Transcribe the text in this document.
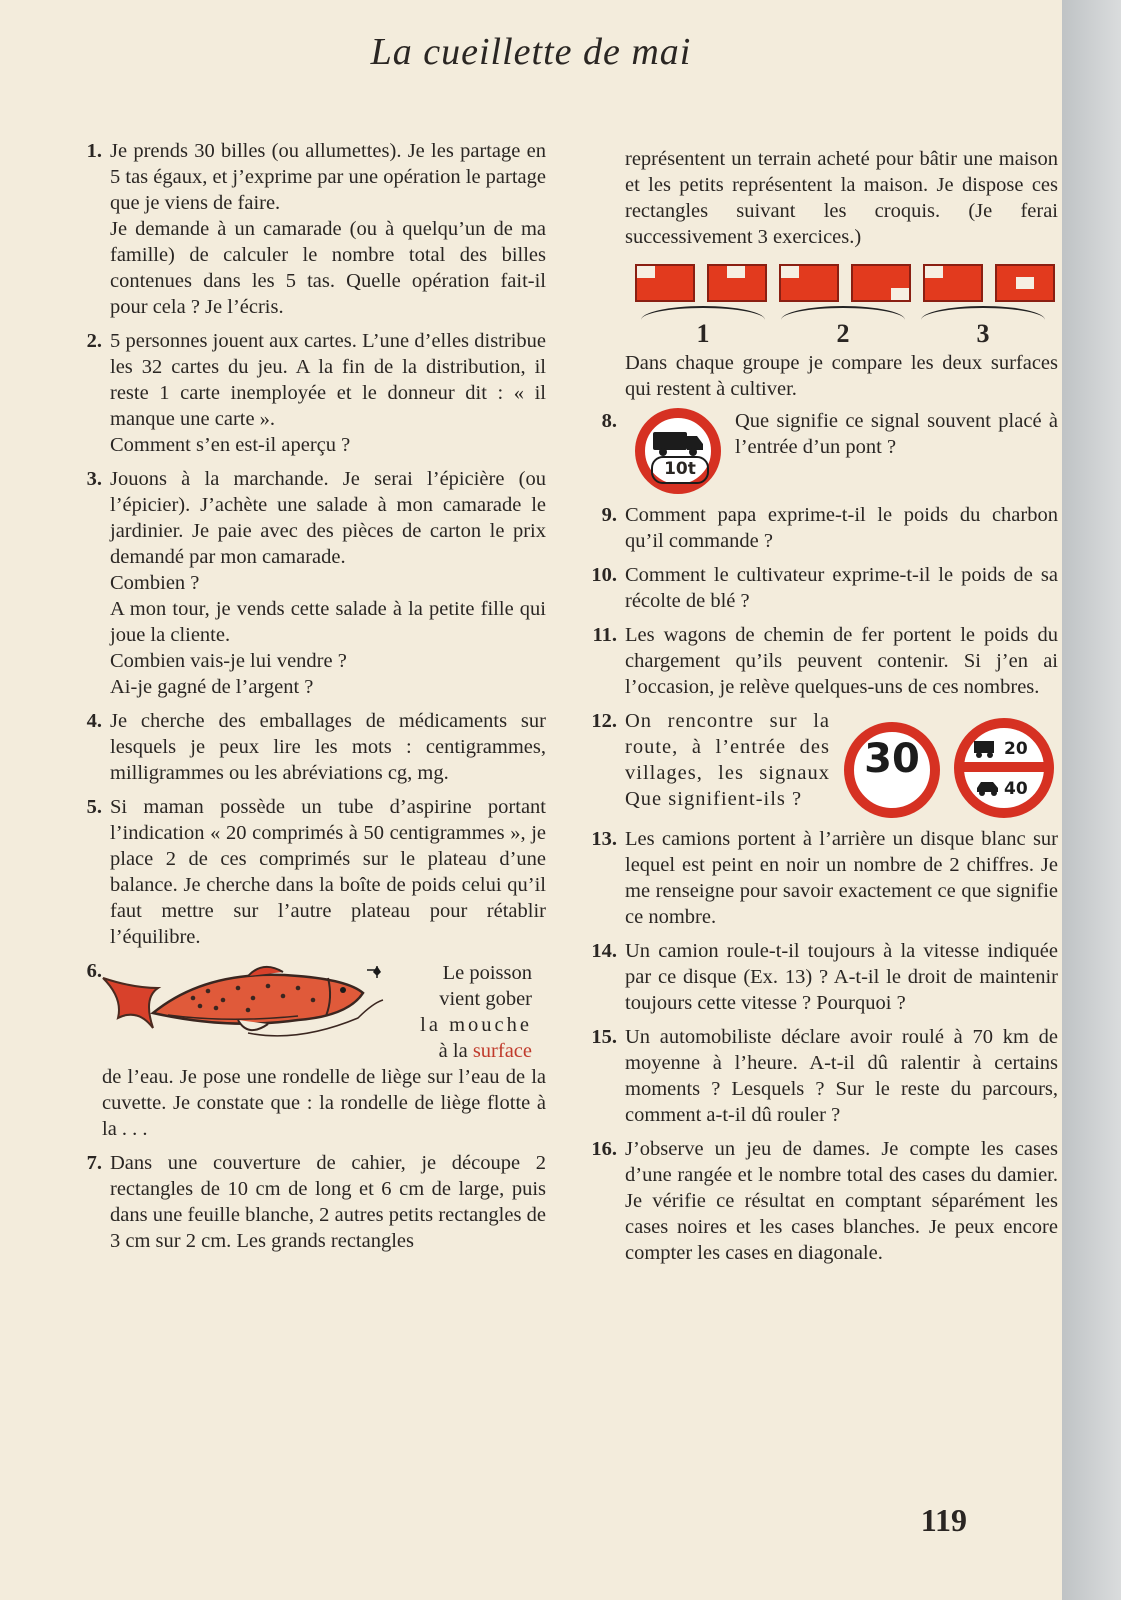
La cueillette de mai
1. Je prends 30 billes (ou allumettes). Je les partage en 5 tas égaux, et j’exprime par une opération le partage que je viens de faire.
Je demande à un camarade (ou à quelqu’un de ma famille) de calculer le nombre total des billes contenues dans les 5 tas. Quelle opération fait-il pour cela ? Je l’écris.
2. 5 personnes jouent aux cartes. L’une d’elles distribue les 32 cartes du jeu. A la fin de la distribution, il reste 1 carte inemployée et le donneur dit : « il manque une carte ».
Comment s’en est-il aperçu ?
3. Jouons à la marchande. Je serai l’épicière (ou l’épicier). J’achète une salade à mon camarade le jardinier. Je paie avec des pièces de carton le prix demandé par mon camarade.
Combien ?
A mon tour, je vends cette salade à la petite fille qui joue la cliente.
Combien vais-je lui vendre ?
Ai-je gagné de l’argent ?
4. Je cherche des emballages de médicaments sur lesquels je peux lire les mots : centigrammes, milligrammes ou les abréviations cg, mg.
5. Si maman possède un tube d’aspirine portant l’indication « 20 comprimés à 50 centigrammes », je place 2 de ces comprimés sur le plateau d’une balance. Je cherche dans la boîte de poids celui qu’il faut mettre sur l’autre plateau pour rétablir l’équilibre.
6.	Le poisson
vient gober
la mouche
à la surface
de l’eau. Je pose une rondelle de liège sur l’eau de la cuvette. Je constate que : la rondelle de liège flotte à la . . .
7. Dans une couverture de cahier, je découpe 2 rectangles de 10 cm de long et 6 cm de large, puis dans une feuille blanche, 2 autres petits rectangles de 3 cm sur 2 cm. Les grands rectangles
représentent un terrain acheté pour bâtir une maison et les petits représentent la maison. Je dispose ces rectangles suivant les croquis. (Je ferai successivement 3 exercices.)
1	2	3
Dans chaque groupe je compare les deux surfaces qui restent à cultiver.
8.
10t
Que signifie ce signal souvent placé à l’entrée d’un pont ?
9. Comment papa exprime-t-il le poids du charbon qu’il commande ?
10. Comment le cultivateur exprime-t-il le poids de sa récolte de blé ?
11. Les wagons de chemin de fer portent le poids du chargement qu’ils peuvent contenir. Si j’en ai l’occasion, je relève quelques-uns de ces nombres.
12. On rencontre sur la route, à l’entrée des villages, les signaux Que signifient-ils ?
30	20
40
13. Les camions portent à l’arrière un disque blanc sur lequel est peint en noir un nombre de 2 chiffres. Je me renseigne pour savoir exactement ce que signifie ce nombre.
14. Un camion roule-t-il toujours à la vitesse indiquée par ce disque (Ex. 13) ? A-t-il le droit de maintenir toujours cette vitesse ? Pourquoi ?
15. Un automobiliste déclare avoir roulé à 70 km de moyenne à l’heure. A-t-il dû ralentir à certains moments ? Lesquels ? Sur le reste du parcours, comment a-t-il dû rouler ?
16. J’observe un jeu de dames. Je compte les cases d’une rangée et le nombre total des cases du damier. Je vérifie ce résultat en comptant séparément les cases noires et les cases blanches. Je peux encore compter les cases en diagonale.
119
